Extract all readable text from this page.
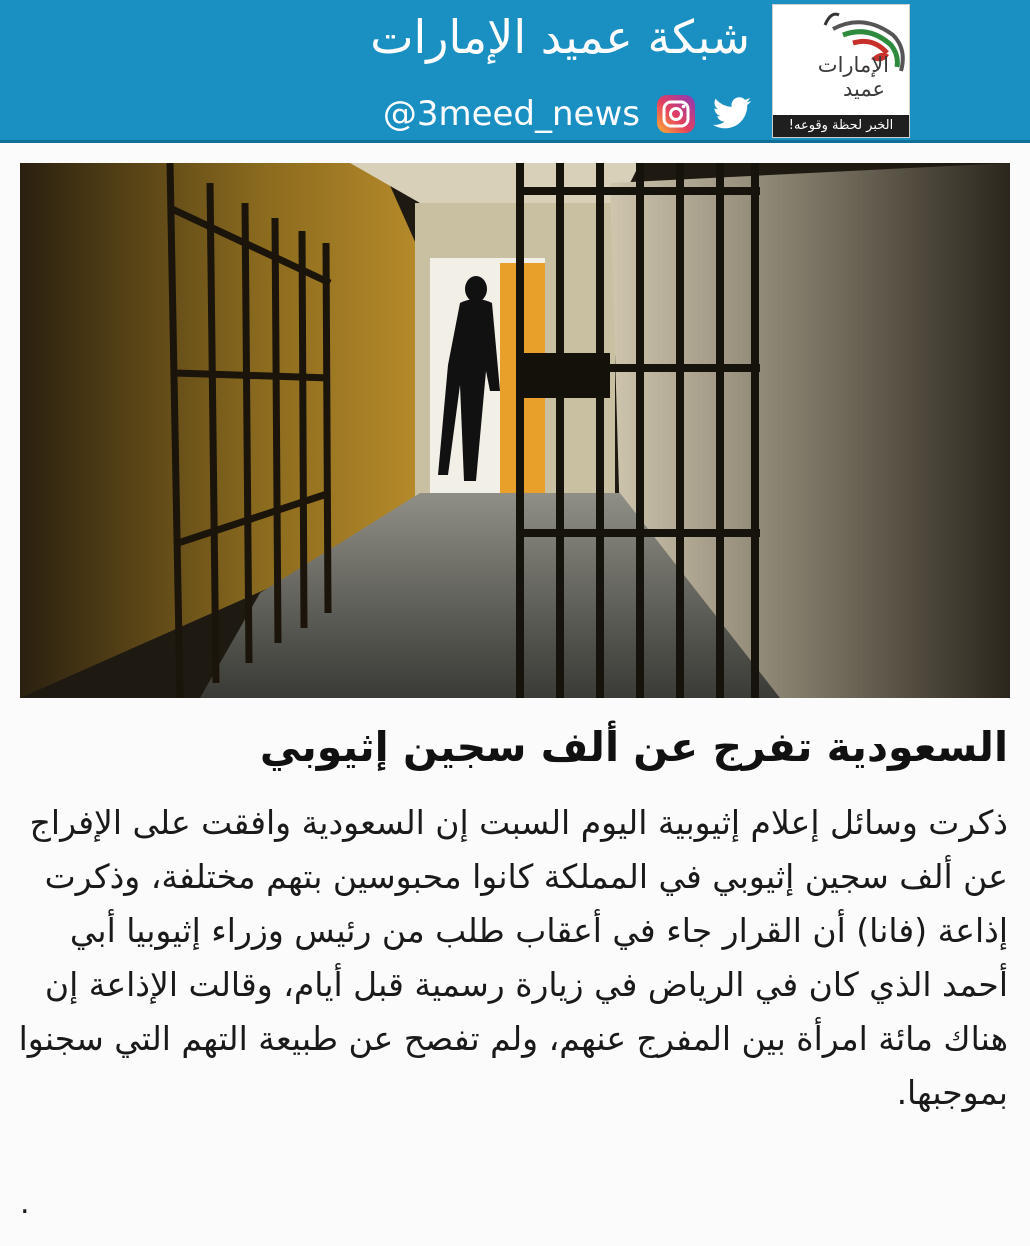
شبكة عميد الإمارات
@3meed_news
الإمارات
عميد
الخبر لحظة وقوعه!
السعودية تفرج عن ألف سجين إثيوبي

ذكرت وسائل إعلام إثيوبية اليوم السبت إن السعودية وافقت على الإفراج عن ألف سجين إثيوبي في المملكة كانوا محبوسين بتهم مختلفة، وذكرت إذاعة (فانا) أن القرار جاء في أعقاب طلب من رئيس وزراء إثيوبيا أبي أحمد الذي كان في الرياض في زيارة رسمية قبل أيام، وقالت الإذاعة إن هناك مائة امرأة بين المفرج عنهم، ولم تفصح عن طبيعة التهم التي سجنوا بموجبها.

.
